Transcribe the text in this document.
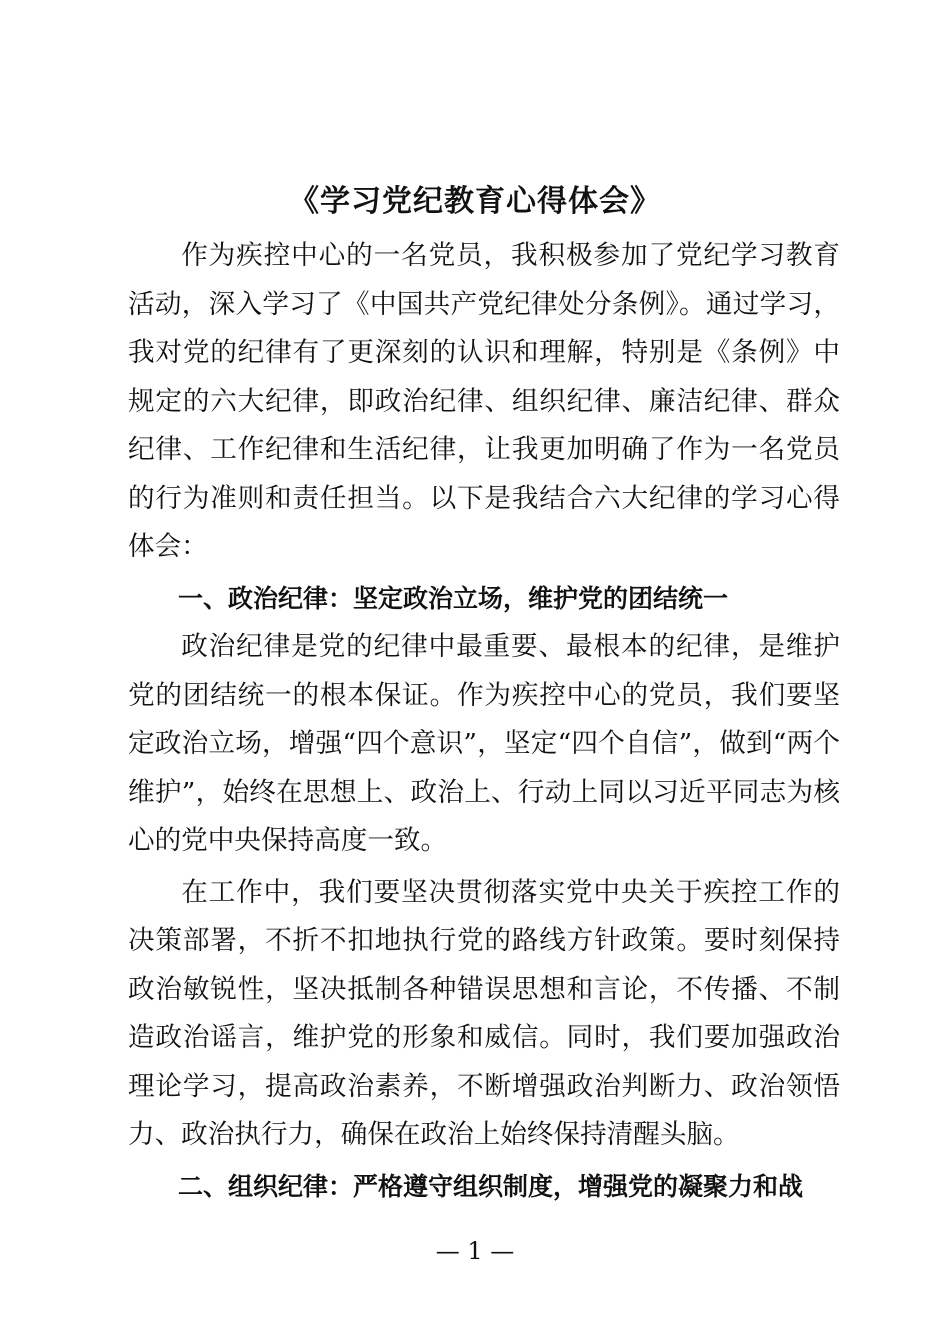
《学习党纪教育心得体会》

作为疾控中心的一名党员，我积极参加了党纪学习教育活动，深入学习了《中国共产党纪律处分条例》。通过学习，我对党的纪律有了更深刻的认识和理解，特别是《条例》中规定的六大纪律，即政治纪律、组织纪律、廉洁纪律、群众纪律、工作纪律和生活纪律，让我更加明确了作为一名党员的行为准则和责任担当。以下是我结合六大纪律的学习心得体会：

一、政治纪律：坚定政治立场，维护党的团结统一

政治纪律是党的纪律中最重要、最根本的纪律，是维护党的团结统一的根本保证。作为疾控中心的党员，我们要坚定政治立场，增强“四个意识”，坚定“四个自信”，做到“两个维护”，始终在思想上、政治上、行动上同以习近平同志为核心的党中央保持高度一致。

在工作中，我们要坚决贯彻落实党中央关于疾控工作的决策部署，不折不扣地执行党的路线方针政策。要时刻保持政治敏锐性，坚决抵制各种错误思想和言论，不传播、不制造政治谣言，维护党的形象和威信。同时，我们要加强政治理论学习，提高政治素养，不断增强政治判断力、政治领悟力、政治执行力，确保在政治上始终保持清醒头脑。

二、组织纪律：严格遵守组织制度，增强党的凝聚力和战

— 1 —
